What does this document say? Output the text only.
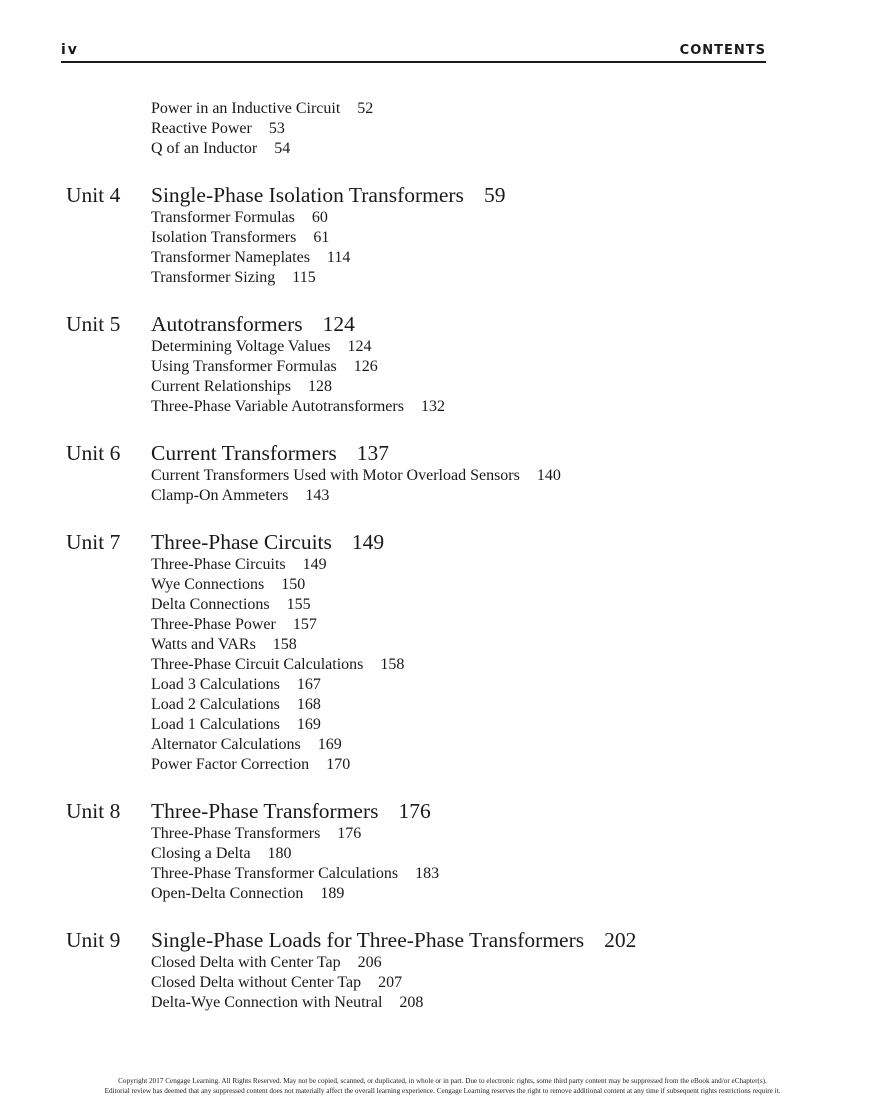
iv	CONTENTS
Power in an Inductive Circuit 52
Reactive Power 53
Q of an Inductor 54
Unit 4 Single-Phase Isolation Transformers 59
Transformer Formulas 60
Isolation Transformers 61
Transformer Nameplates 114
Transformer Sizing 115
Unit 5 Autotransformers 124
Determining Voltage Values 124
Using Transformer Formulas 126
Current Relationships 128
Three-Phase Variable Autotransformers 132
Unit 6 Current Transformers 137
Current Transformers Used with Motor Overload Sensors 140
Clamp-On Ammeters 143
Unit 7 Three-Phase Circuits 149
Three-Phase Circuits 149
Wye Connections 150
Delta Connections 155
Three-Phase Power 157
Watts and VARs 158
Three-Phase Circuit Calculations 158
Load 3 Calculations 167
Load 2 Calculations 168
Load 1 Calculations 169
Alternator Calculations 169
Power Factor Correction 170
Unit 8 Three-Phase Transformers 176
Three-Phase Transformers 176
Closing a Delta 180
Three-Phase Transformer Calculations 183
Open-Delta Connection 189
Unit 9 Single-Phase Loads for Three-Phase Transformers 202
Closed Delta with Center Tap 206
Closed Delta without Center Tap 207
Delta-Wye Connection with Neutral 208
Copyright 2017 Cengage Learning. All Rights Reserved. May not be copied, scanned, or duplicated, in whole or in part. Due to electronic rights, some third party content may be suppressed from the eBook and/or eChapter(s).
Editorial review has deemed that any suppressed content does not materially affect the overall learning experience. Cengage Learning reserves the right to remove additional content at any time if subsequent rights restrictions require it.
